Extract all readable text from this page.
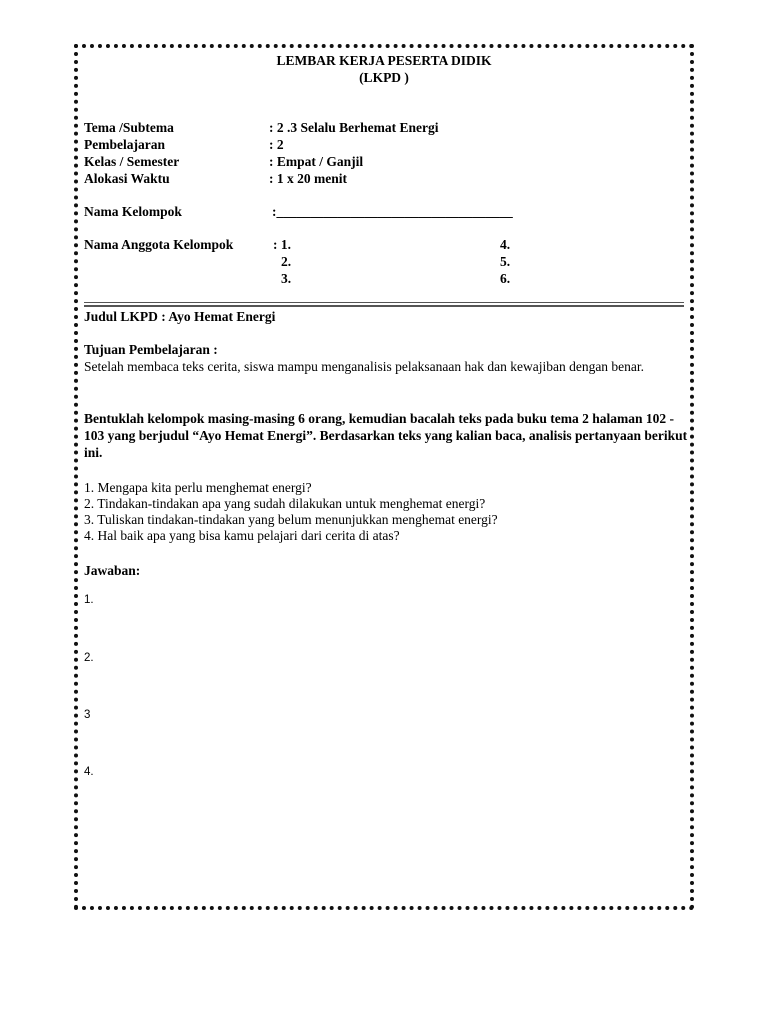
LEMBAR KERJA PESERTA DIDIK
(LKPD )
Tema /Subtema	: 2 .3 Selalu Berhemat Energi
Pembelajaran	: 2
Kelas / Semester	: Empat / Ganjil
Alokasi Waktu	: 1 x 20 menit
Nama Kelompok	:___________________________________
Nama Anggota Kelompok	: 1.
2.
3.
4.
5.
6.
Judul LKPD : Ayo Hemat Energi
Tujuan Pembelajaran :
Setelah membaca teks cerita, siswa mampu menganalisis pelaksanaan hak dan kewajiban dengan benar.
Bentuklah kelompok masing-masing 6 orang, kemudian bacalah teks pada buku tema 2 halaman 102 - 103 yang berjudul “Ayo Hemat Energi”. Berdasarkan teks yang kalian baca, analisis pertanyaan berikut ini.
1. Mengapa kita perlu menghemat energi?
2. Tindakan-tindakan apa yang sudah dilakukan untuk menghemat energi?
3. Tuliskan tindakan-tindakan yang belum menunjukkan menghemat energi?
4. Hal baik apa yang bisa kamu pelajari dari cerita di atas?
Jawaban:
1.
2.
3
4.
